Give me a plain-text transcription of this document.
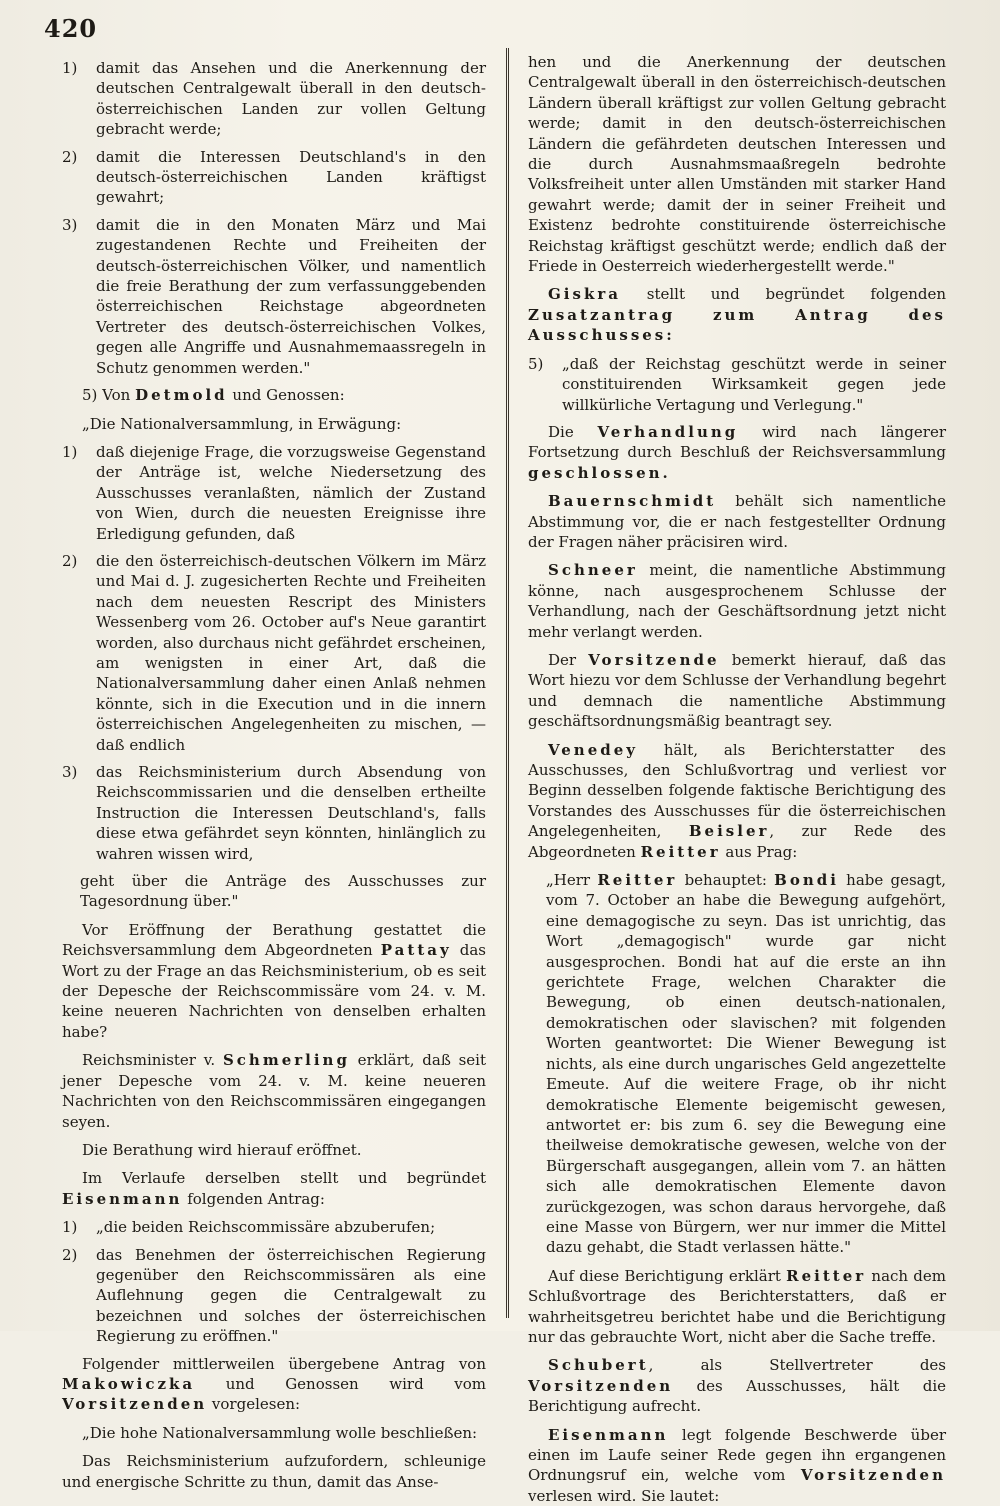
420
1)	damit das Ansehen und die Anerkennung der deutschen Centralgewalt überall in den deutsch-österreichischen Landen zur vollen Geltung gebracht werde;
2)	damit die Interessen Deutschland's in den deutsch-österreichischen Landen kräftigst gewahrt;
3)	damit die in den Monaten März und Mai zugestandenen Rechte und Freiheiten der deutsch-österreichischen Völker, und namentlich die freie Berathung der zum verfassunggebenden österreichischen Reichstage abgeordneten Vertreter des deutsch-österreichischen Volkes, gegen alle Angriffe und Ausnahmemaassregeln in Schutz genommen werden."

5) Von Detmold und Genossen:

„Die Nationalversammlung, in Erwägung:

1)	daß diejenige Frage, die vorzugsweise Gegenstand der Anträge ist, welche Niedersetzung des Ausschusses veranlaßten, nämlich der Zustand von Wien, durch die neuesten Ereignisse ihre Erledigung gefunden, daß
2)	die den österreichisch-deutschen Völkern im März und Mai d. J. zugesicherten Rechte und Freiheiten nach dem neuesten Rescript des Ministers Wessenberg vom 26. October auf's Neue garantirt worden, also durchaus nicht gefährdet erscheinen, am wenigsten in einer Art, daß die Nationalversammlung daher einen Anlaß nehmen könnte, sich in die Execution und in die innern österreichischen Angelegenheiten zu mischen, — daß endlich
3)	das Reichsministerium durch Absendung von Reichscommissarien und die denselben ertheilte Instruction die Interessen Deutschland's, falls diese etwa gefährdet seyn könnten, hinlänglich zu wahren wissen wird,

geht über die Anträge des Ausschusses zur Tagesordnung über."

Vor Eröffnung der Berathung gestattet die Reichsversammlung dem Abgeordneten Pattay das Wort zu der Frage an das Reichsministerium, ob es seit der Depesche der Reichscommissäre vom 24. v. M. keine neueren Nachrichten von denselben erhalten habe?

Reichsminister v. Schmerling erklärt, daß seit jener Depesche vom 24. v. M. keine neueren Nachrichten von den Reichscommissären eingegangen seyen.

Die Berathung wird hierauf eröffnet.

Im Verlaufe derselben stellt und begründet Eisenmann folgenden Antrag:

1)	„die beiden Reichscommissäre abzuberufen;
2)	das Benehmen der österreichischen Regierung gegenüber den Reichscommissären als eine Auflehnung gegen die Centralgewalt zu bezeichnen und solches der österreichischen Regierung zu eröffnen."

Folgender mittlerweilen übergebene Antrag von Makowiczka und Genossen wird vom Vorsitzenden vorgelesen:

„Die hohe Nationalversammlung wolle beschließen:

Das Reichsministerium aufzufordern, schleunige und energische Schritte zu thun, damit das Anse-

hen und die Anerkennung der deutschen Centralgewalt überall in den österreichisch-deutschen Ländern überall kräftigst zur vollen Geltung gebracht werde; damit in den deutsch-österreichischen Ländern die gefährdeten deutschen Interessen und die durch Ausnahmsmaaßregeln bedrohte Volksfreiheit unter allen Umständen mit starker Hand gewahrt werde; damit der in seiner Freiheit und Existenz bedrohte constituirende österreichische Reichstag kräftigst geschützt werde; endlich daß der Friede in Oesterreich wiederhergestellt werde."

Giskra stellt und begründet folgenden Zusatzantrag zum Antrag des Ausschusses:

5)	„daß der Reichstag geschützt werde in seiner constituirenden Wirksamkeit gegen jede willkürliche Vertagung und Verlegung."

Die Verhandlung wird nach längerer Fortsetzung durch Beschluß der Reichsversammlung geschlossen.

Bauernschmidt behält sich namentliche Abstimmung vor, die er nach festgestellter Ordnung der Fragen näher präcisiren wird.

Schneer meint, die namentliche Abstimmung könne, nach ausgesprochenem Schlusse der Verhandlung, nach der Geschäftsordnung jetzt nicht mehr verlangt werden.

Der Vorsitzende bemerkt hierauf, daß das Wort hiezu vor dem Schlusse der Verhandlung begehrt und demnach die namentliche Abstimmung geschäftsordnungsmäßig beantragt sey.

Venedey hält, als Berichterstatter des Ausschusses, den Schlußvortrag und verliest vor Beginn desselben folgende faktische Berichtigung des Vorstandes des Ausschusses für die österreichischen Angelegenheiten, Beisler, zur Rede des Abgeordneten Reitter aus Prag:

„Herr Reitter behauptet: Bondi habe gesagt, vom 7. October an habe die Bewegung aufgehört, eine demagogische zu seyn. Das ist unrichtig, das Wort „demagogisch" wurde gar nicht ausgesprochen. Bondi hat auf die erste an ihn gerichtete Frage, welchen Charakter die Bewegung, ob einen deutsch-nationalen, demokratischen oder slavischen? mit folgenden Worten geantwortet: Die Wiener Bewegung ist nichts, als eine durch ungarisches Geld angezettelte Emeute. Auf die weitere Frage, ob ihr nicht demokratische Elemente beigemischt gewesen, antwortet er: bis zum 6. sey die Bewegung eine theilweise demokratische gewesen, welche von der Bürgerschaft ausgegangen, allein vom 7. an hätten sich alle demokratischen Elemente davon zurückgezogen, was schon daraus hervorgehe, daß eine Masse von Bürgern, wer nur immer die Mittel dazu gehabt, die Stadt verlassen hätte."

Auf diese Berichtigung erklärt Reitter nach dem Schlußvortrage des Berichterstatters, daß er wahrheitsgetreu berichtet habe und die Berichtigung nur das gebrauchte Wort, nicht aber die Sache treffe.

Schubert, als Stellvertreter des Vorsitzenden des Ausschusses, hält die Berichtigung aufrecht.

Eisenmann legt folgende Beschwerde über einen im Laufe seiner Rede gegen ihn ergangenen Ordnungsruf ein, welche vom Vorsitzenden verlesen wird. Sie lautet:
